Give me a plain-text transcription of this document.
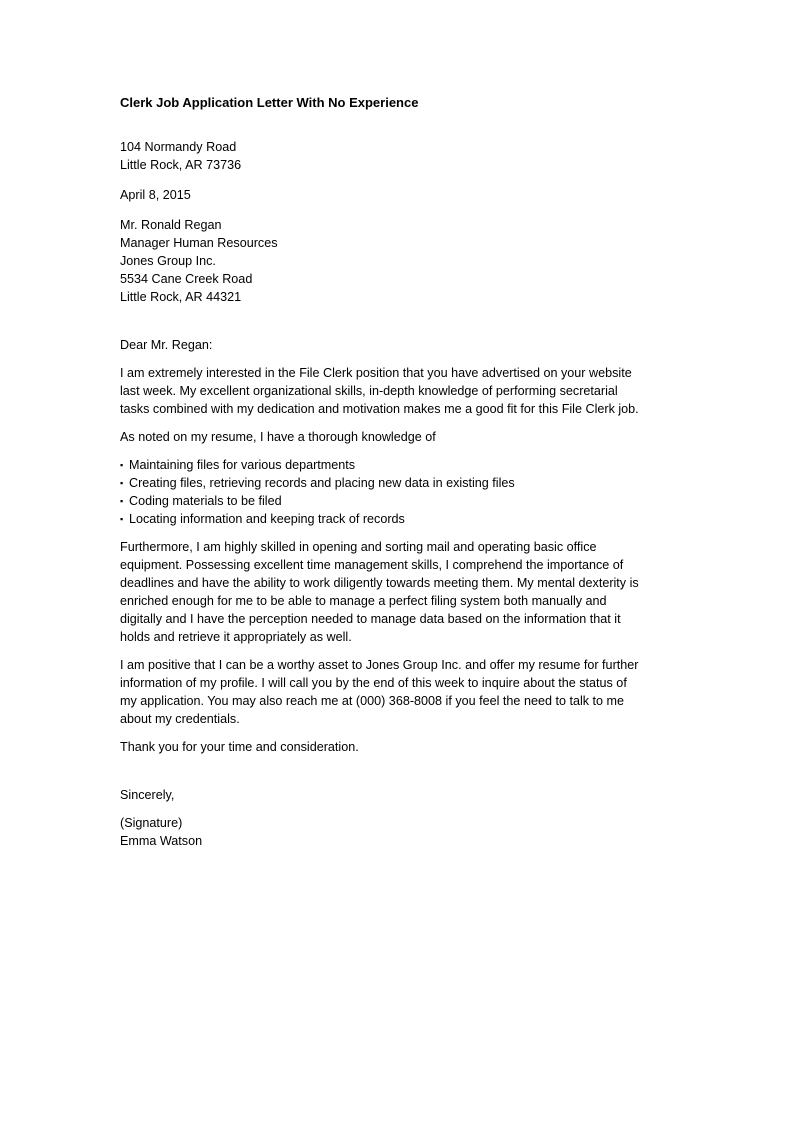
Clerk Job Application Letter With No Experience
104 Normandy Road
Little Rock, AR 73736
April 8, 2015
Mr. Ronald Regan
Manager Human Resources
Jones Group Inc.
5534 Cane Creek Road
Little Rock, AR 44321

Dear Mr. Regan:

I am extremely interested in the File Clerk position that you have advertised on your website
last week. My excellent organizational skills, in-depth knowledge of performing secretarial
tasks combined with my dedication and motivation makes me a good fit for this File Clerk job.

As noted on my resume, I have a thorough knowledge of

▪ Maintaining files for various departments
▪ Creating files, retrieving records and placing new data in existing files
▪ Coding materials to be filed
▪ Locating information and keeping track of records

Furthermore, I am highly skilled in opening and sorting mail and operating basic office
equipment. Possessing excellent time management skills, I comprehend the importance of
deadlines and have the ability to work diligently towards meeting them. My mental dexterity is
enriched enough for me to be able to manage a perfect filing system both manually and
digitally and I have the perception needed to manage data based on the information that it
holds and retrieve it appropriately as well.

I am positive that I can be a worthy asset to Jones Group Inc. and offer my resume for further
information of my profile. I will call you by the end of this week to inquire about the status of
my application. You may also reach me at (000) 368-8008 if you feel the need to talk to me
about my credentials.

Thank you for your time and consideration.

Sincerely,

(Signature)
Emma Watson
